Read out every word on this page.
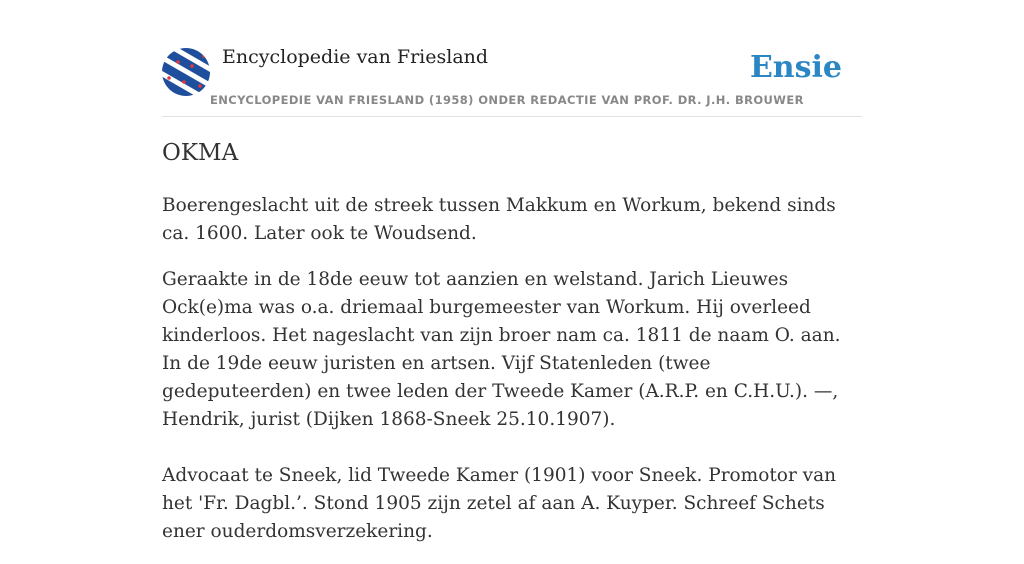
Encyclopedie van Friesland
ENCYCLOPEDIE VAN FRIESLAND (1958) ONDER REDACTIE VAN PROF. DR. J.H. BROUWER
Ensie
OKMA

Boerengeslacht uit de streek tussen Makkum en Workum, bekend sinds ca. 1600. Later ook te Woudsend.

Geraakte in de 18de eeuw tot aanzien en welstand. Jarich Lieuwes Ock(e)ma was o.a. driemaal burgemeester van Workum. Hij overleed kinderloos. Het nageslacht van zijn broer nam ca. 1811 de naam O. aan. In de 19de eeuw juristen en artsen. Vijf Statenleden (twee gedeputeerden) en twee leden der Tweede Kamer (A.R.P. en C.H.U.). —, Hendrik, jurist (Dijken 1868-Sneek 25.10.1907).

Advocaat te Sneek, lid Tweede Kamer (1901) voor Sneek. Promotor van het 'Fr. Dagbl.’. Stond 1905 zijn zetel af aan A. Kuyper. Schreef Schets ener ouderdomsverzekering.
